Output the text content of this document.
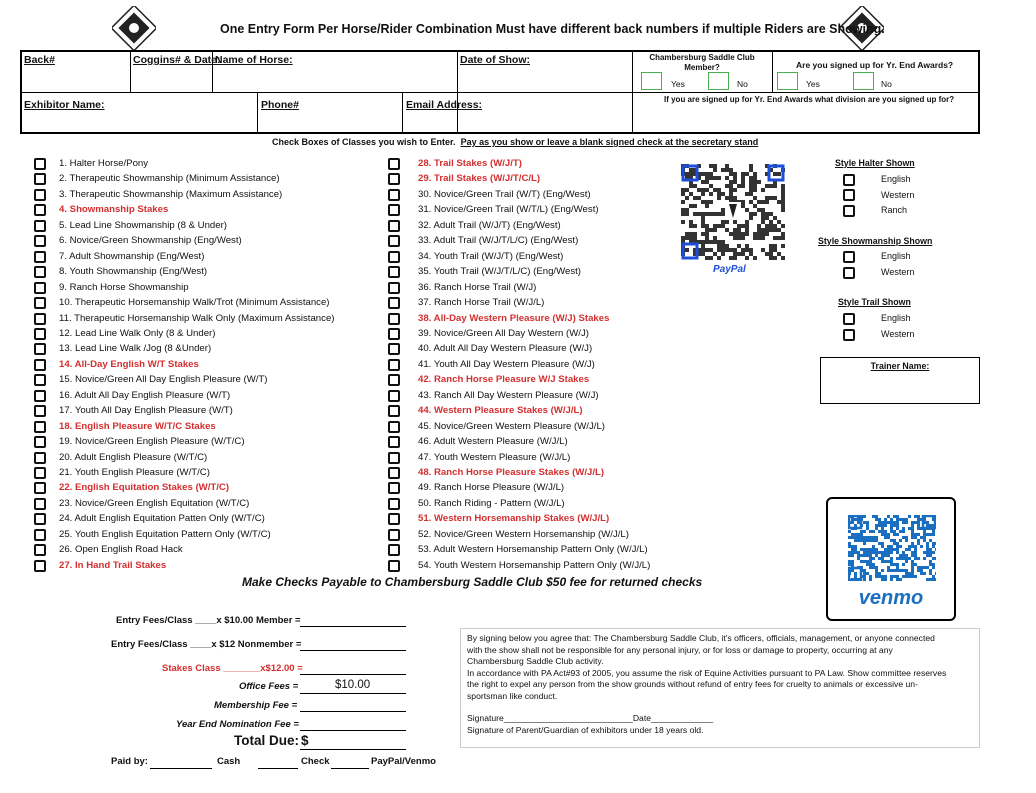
One Entry Form Per Horse/Rider Combination Must have different back numbers if multiple Riders are Showing.
Back#	Coggins# & Date:
Name of Horse:	Date of Show:	Chambersburg Saddle Club Member?
Yes	No
Are you signed up for Yr. End Awards?
Yes	No
Exhibitor Name:	Phone#	Email Address:	If you are signed up for Yr. End Awards what division are you signed up for?
Check Boxes of Classes you wish to Enter. Pay as you show or leave a blank signed check at the secretary stand
1. Halter Horse/Pony
2. Therapeutic Showmanship (Minimum Assistance)
3. Therapeutic Showmanship (Maximum Assistance)
4. Showmanship Stakes
5. Lead Line Showmanship (8 & Under)
6. Novice/Green Showmanship (Eng/West)
7. Adult Showmanship (Eng/West)
8. Youth Showmanship (Eng/West)
9. Ranch Horse Showmanship
10. Therapeutic Horsemanship Walk/Trot (Minimum Assistance)
11. Therapeutic Horsemanship Walk Only (Maximum Assistance)
12. Lead Line Walk Only (8 & Under)
13. Lead Line Walk /Jog (8 &Under)
14. All-Day English W/T Stakes
15. Novice/Green All Day English Pleasure (W/T)
16. Adult All Day English Pleasure (W/T)
17. Youth All Day English Pleasure (W/T)
18. English Pleasure W/T/C Stakes
19. Novice/Green English Pleasure (W/T/C)
20. Adult English Pleasure (W/T/C)
21. Youth English Pleasure (W/T/C)
22. English Equitation Stakes (W/T/C)
23. Novice/Green English Equitation (W/T/C)
24. Adult English Equitation Patten Only (W/T/C)
25. Youth English Equitation Pattern Only (W/T/C)
26. Open English Road Hack
27. In Hand Trail Stakes
28. Trail Stakes (W/J/T)
29. Trail Stakes (W/J/T/C/L)
30. Novice/Green Trail (W/T) (Eng/West)
31. Novice/Green Trail (W/T/L) (Eng/West)
32. Adult Trail (W/J/T) (Eng/West)
33. Adult Trail (W/J/T/L/C) (Eng/West)
34. Youth Trail (W/J/T) (Eng/West)
35. Youth Trail (W/J/T/L/C) (Eng/West)
36. Ranch Horse Trail (W/J)
37. Ranch Horse Trail (W/J/L)
38. All-Day Western Pleasure (W/J) Stakes
39. Novice/Green All Day Western (W/J)
40. Adult All Day Western Pleasure (W/J)
41. Youth All Day Western Pleasure (W/J)
42. Ranch Horse Pleasure W/J Stakes
43. Ranch All Day Western Pleasure (W/J)
44. Western Pleasure Stakes (W/J/L)
45. Novice/Green Western Pleasure (W/J/L)
46. Adult Western Pleasure (W/J/L)
47. Youth Western Pleasure (W/J/L)
48. Ranch Horse Pleasure Stakes (W/J/L)
49. Ranch Horse Pleasure (W/J/L)
50. Ranch Riding - Pattern (W/J/L)
51. Western Horsemanship Stakes (W/J/L)
52. Novice/Green Western Horsemanship (W/J/L)
53. Adult Western Horsemanship Pattern Only (W/J/L)
54. Youth Western Horsemanship Pattern Only (W/J/L)
PayPal
Style Halter Shown
English
Western
Ranch
Style Showmanship Shown
English
Western
Style Trail Shown
English
Western
Trainer Name:
venmo
Make Checks Payable to Chambersburg Saddle Club $50 fee for returned checks
Entry Fees/Class ____x $10.00 Member =
Entry Fees/Class ____x $12 Nonmember =
Stakes Class _______x$12.00 =
Office Fees =	$10.00
Membership Fee =
Year End Nomination Fee =
Total Due: $
Paid by:	Cash	Check	PayPal/Venmo

By signing below you agree that: The Chambersburg Saddle Club, it's officers, officials, management, or anyone connected
with the show shall not be responsible for any personal injury, or for loss or damage to property, occurring at any
Chambersburg Saddle Club activity.
In accordance with PA Act#93 of 2005, you assume the risk of Equine Activities pursuant to PA Law. Show committee reserves
the right to expel any person from the show grounds without refund of entry fees for cruelty to animals or excessive un-
sportsman like conduct.

Signature___________________________Date_____________

Signature of Parent/Guardian of exhibitors under 18 years old.
